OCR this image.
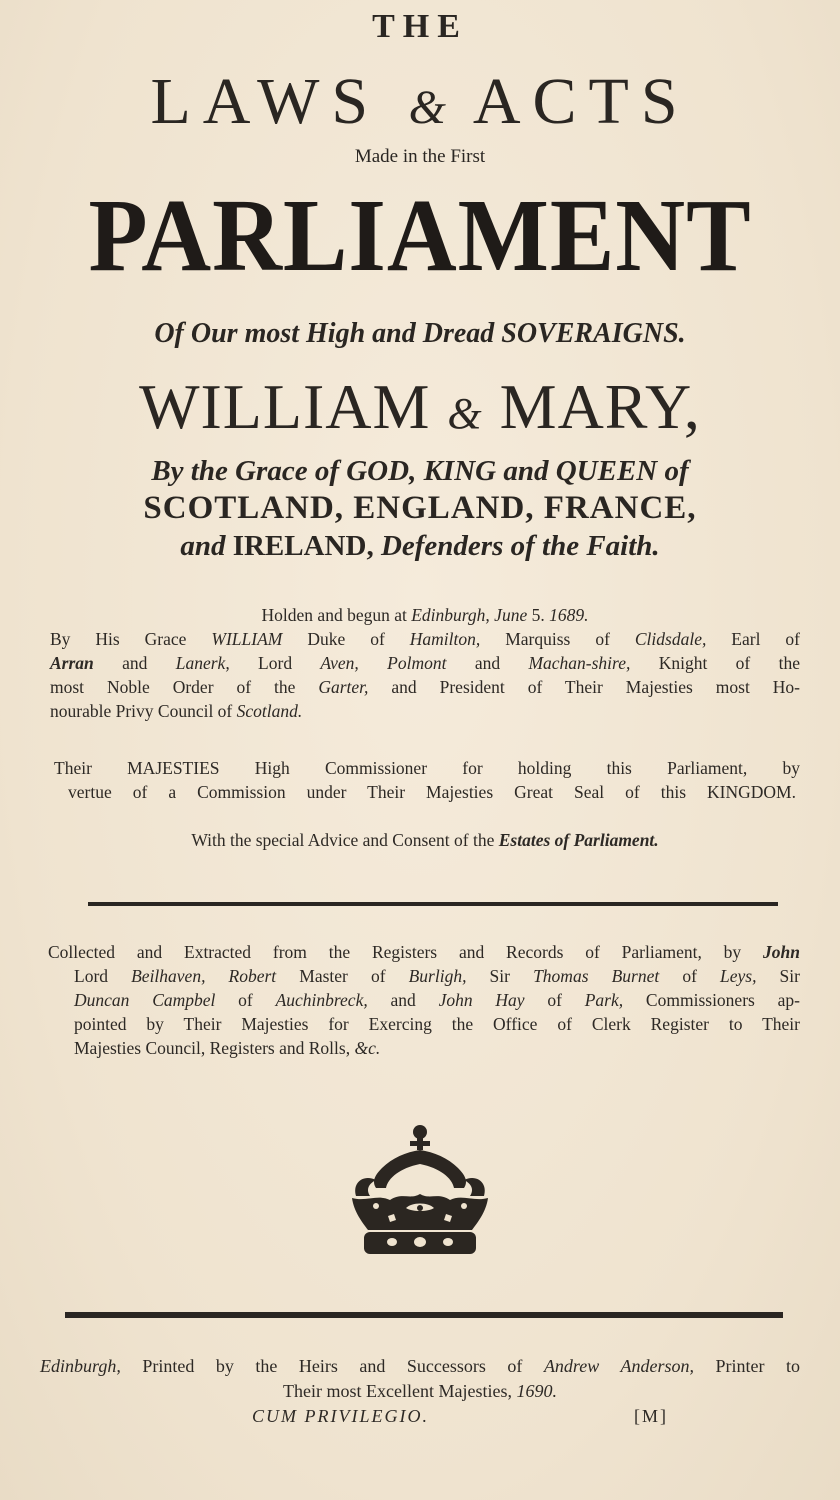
THE
LAWS & ACTS
Made in the First
PARLIAMENT
Of Our most High and Dread SOVERAIGNS.
WILLIAM & MARY,
By the Grace of GOD, KING and QUEEN of
SCOTLAND, ENGLAND, FRANCE,
and IRELAND, Defenders of the Faith.
Holden and begun at Edinburgh, June 5. 1689.
By His Grace WILLIAM Duke of Hamilton, Marquiss of Clidsdale, Earl of
Arran and Lanerk, Lord Aven, Polmont and Machan-shire, Knight of the
most Noble Order of the Garter, and President of Their Majesties most Ho-
nourable Privy Council of Scotland.
Their MAJESTIES High Commissioner for holding this Parliament, by
vertue of a Commission under Their Majesties Great Seal of this KINGDOM.
With the special Advice and Consent of the Estates of Parliament.
Collected and Extracted from the Registers and Records of Parliament, by John
Lord Beilhaven, Robert Master of Burligh, Sir Thomas Burnet of Leys, Sir
Duncan Campbel of Auchinbreck, and John Hay of Park, Commissioners ap-
pointed by Their Majesties for Exercing the Office of Clerk Register to Their
Majesties Council, Registers and Rolls, &c.
Edinburgh, Printed by the Heirs and Successors of Andrew Anderson, Printer to
Their most Excellent Majesties, 1690.
CUM PRIVILEGIO.	[M]
